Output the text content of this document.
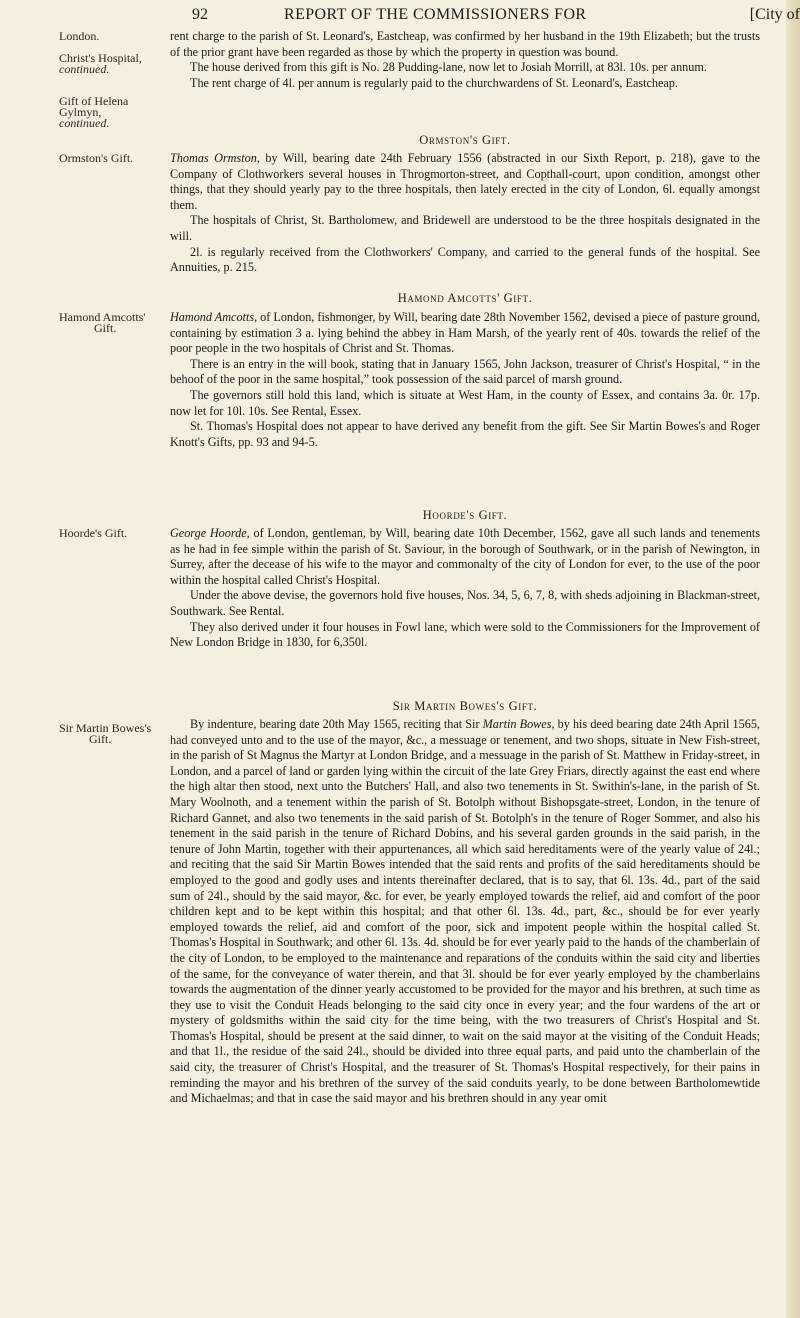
92	REPORT OF THE COMMISSIONERS FOR	[City of
London.
Christ's Hospital,
continued.
Gift of Helena
Gylmyn,
continued.
Ormston's Gift.
Hamond Amcotts'
Gift.
Hoorde's Gift.
Sir Martin Bowes's
Gift.

rent charge to the parish of St. Leonard's, Eastcheap, was confirmed by her husband in the 19th Elizabeth; but the trusts of the prior grant have been regarded as those by which the property in question was bound.

The house derived from this gift is No. 28 Pudding-lane, now let to Josiah Morrill, at 83l. 10s. per annum.

The rent charge of 4l. per annum is regularly paid to the churchwardens of St. Leonard's, Eastcheap.

Ormston's Gift.

Thomas Ormston, by Will, bearing date 24th February 1556 (abstracted in our Sixth Report, p. 218), gave to the Company of Clothworkers several houses in Throgmorton-street, and Copthall-court, upon condition, amongst other things, that they should yearly pay to the three hospitals, then lately erected in the city of London, 6l. equally amongst them.

The hospitals of Christ, St. Bartholomew, and Bridewell are understood to be the three hospitals designated in the will.

2l. is regularly received from the Clothworkers' Company, and carried to the general funds of the hospital. See Annuities, p. 215.

Hamond Amcotts' Gift.

Hamond Amcotts, of London, fishmonger, by Will, bearing date 28th November 1562, devised a piece of pasture ground, containing by estimation 3 a. lying behind the abbey in Ham Marsh, of the yearly rent of 40s. towards the relief of the poor people in the two hospitals of Christ and St. Thomas.

There is an entry in the will book, stating that in January 1565, John Jackson, treasurer of Christ's Hospital, “ in the behoof of the poor in the same hospital,” took possession of the said parcel of marsh ground.

The governors still hold this land, which is situate at West Ham, in the county of Essex, and contains 3a. 0r. 17p. now let for 10l. 10s. See Rental, Essex.

St. Thomas's Hospital does not appear to have derived any benefit from the gift. See Sir Martin Bowes's and Roger Knott's Gifts, pp. 93 and 94-5.

Hoorde's Gift.

George Hoorde, of London, gentleman, by Will, bearing date 10th December, 1562, gave all such lands and tenements as he had in fee simple within the parish of St. Saviour, in the borough of Southwark, or in the parish of Newington, in Surrey, after the decease of his wife to the mayor and commonalty of the city of London for ever, to the use of the poor within the hospital called Christ's Hospital.

Under the above devise, the governors hold five houses, Nos. 34, 5, 6, 7, 8, with sheds adjoining in Blackman-street, Southwark. See Rental.

They also derived under it four houses in Fowl lane, which were sold to the Commissioners for the Improvement of New London Bridge in 1830, for 6,350l.

Sir Martin Bowes's Gift.

By indenture, bearing date 20th May 1565, reciting that Sir Martin Bowes, by his deed bearing date 24th April 1565, had conveyed unto and to the use of the mayor, &c., a messuage or tenement, and two shops, situate in New Fish-street, in the parish of St Magnus the Martyr at London Bridge, and a messuage in the parish of St. Matthew in Friday-street, in London, and a parcel of land or garden lying within the circuit of the late Grey Friars, directly against the east end where the high altar then stood, next unto the Butchers' Hall, and also two tenements in St. Swithin's-lane, in the parish of St. Mary Woolnoth, and a tenement within the parish of St. Botolph without Bishopsgate-street, London, in the tenure of Richard Gannet, and also two tenements in the said parish of St. Botolph's in the tenure of Roger Sommer, and also his tenement in the said parish in the tenure of Richard Dobins, and his several garden grounds in the said parish, in the tenure of John Martin, together with their appurtenances, all which said hereditaments were of the yearly value of 24l.; and reciting that the said Sir Martin Bowes intended that the said rents and profits of the said hereditaments should be employed to the good and godly uses and intents thereinafter declared, that is to say, that 6l. 13s. 4d., part of the said sum of 24l., should by the said mayor, &c. for ever, be yearly employed towards the relief, aid and comfort of the poor children kept and to be kept within this hospital; and that other 6l. 13s. 4d., part, &c., should be for ever yearly employed towards the relief, aid and comfort of the poor, sick and impotent people within the hospital called St. Thomas's Hospital in Southwark; and other 6l. 13s. 4d. should be for ever yearly paid to the hands of the chamberlain of the city of London, to be employed to the maintenance and reparations of the conduits within the said city and liberties of the same, for the conveyance of water therein, and that 3l. should be for ever yearly employed by the chamberlains towards the augmentation of the dinner yearly accustomed to be provided for the mayor and his brethren, at such time as they use to visit the Conduit Heads belonging to the said city once in every year; and the four wardens of the art or mystery of goldsmiths within the said city for the time being, with the two treasurers of Christ's Hospital and St. Thomas's Hospital, should be present at the said dinner, to wait on the said mayor at the visiting of the Conduit Heads; and that 1l., the residue of the said 24l., should be divided into three equal parts, and paid unto the chamberlain of the said city, the treasurer of Christ's Hospital, and the treasurer of St. Thomas's Hospital respectively, for their pains in reminding the mayor and his brethren of the survey of the said conduits yearly, to be done between Bartholomewtide and Michaelmas; and that in case the said mayor and his brethren should in any year omit
